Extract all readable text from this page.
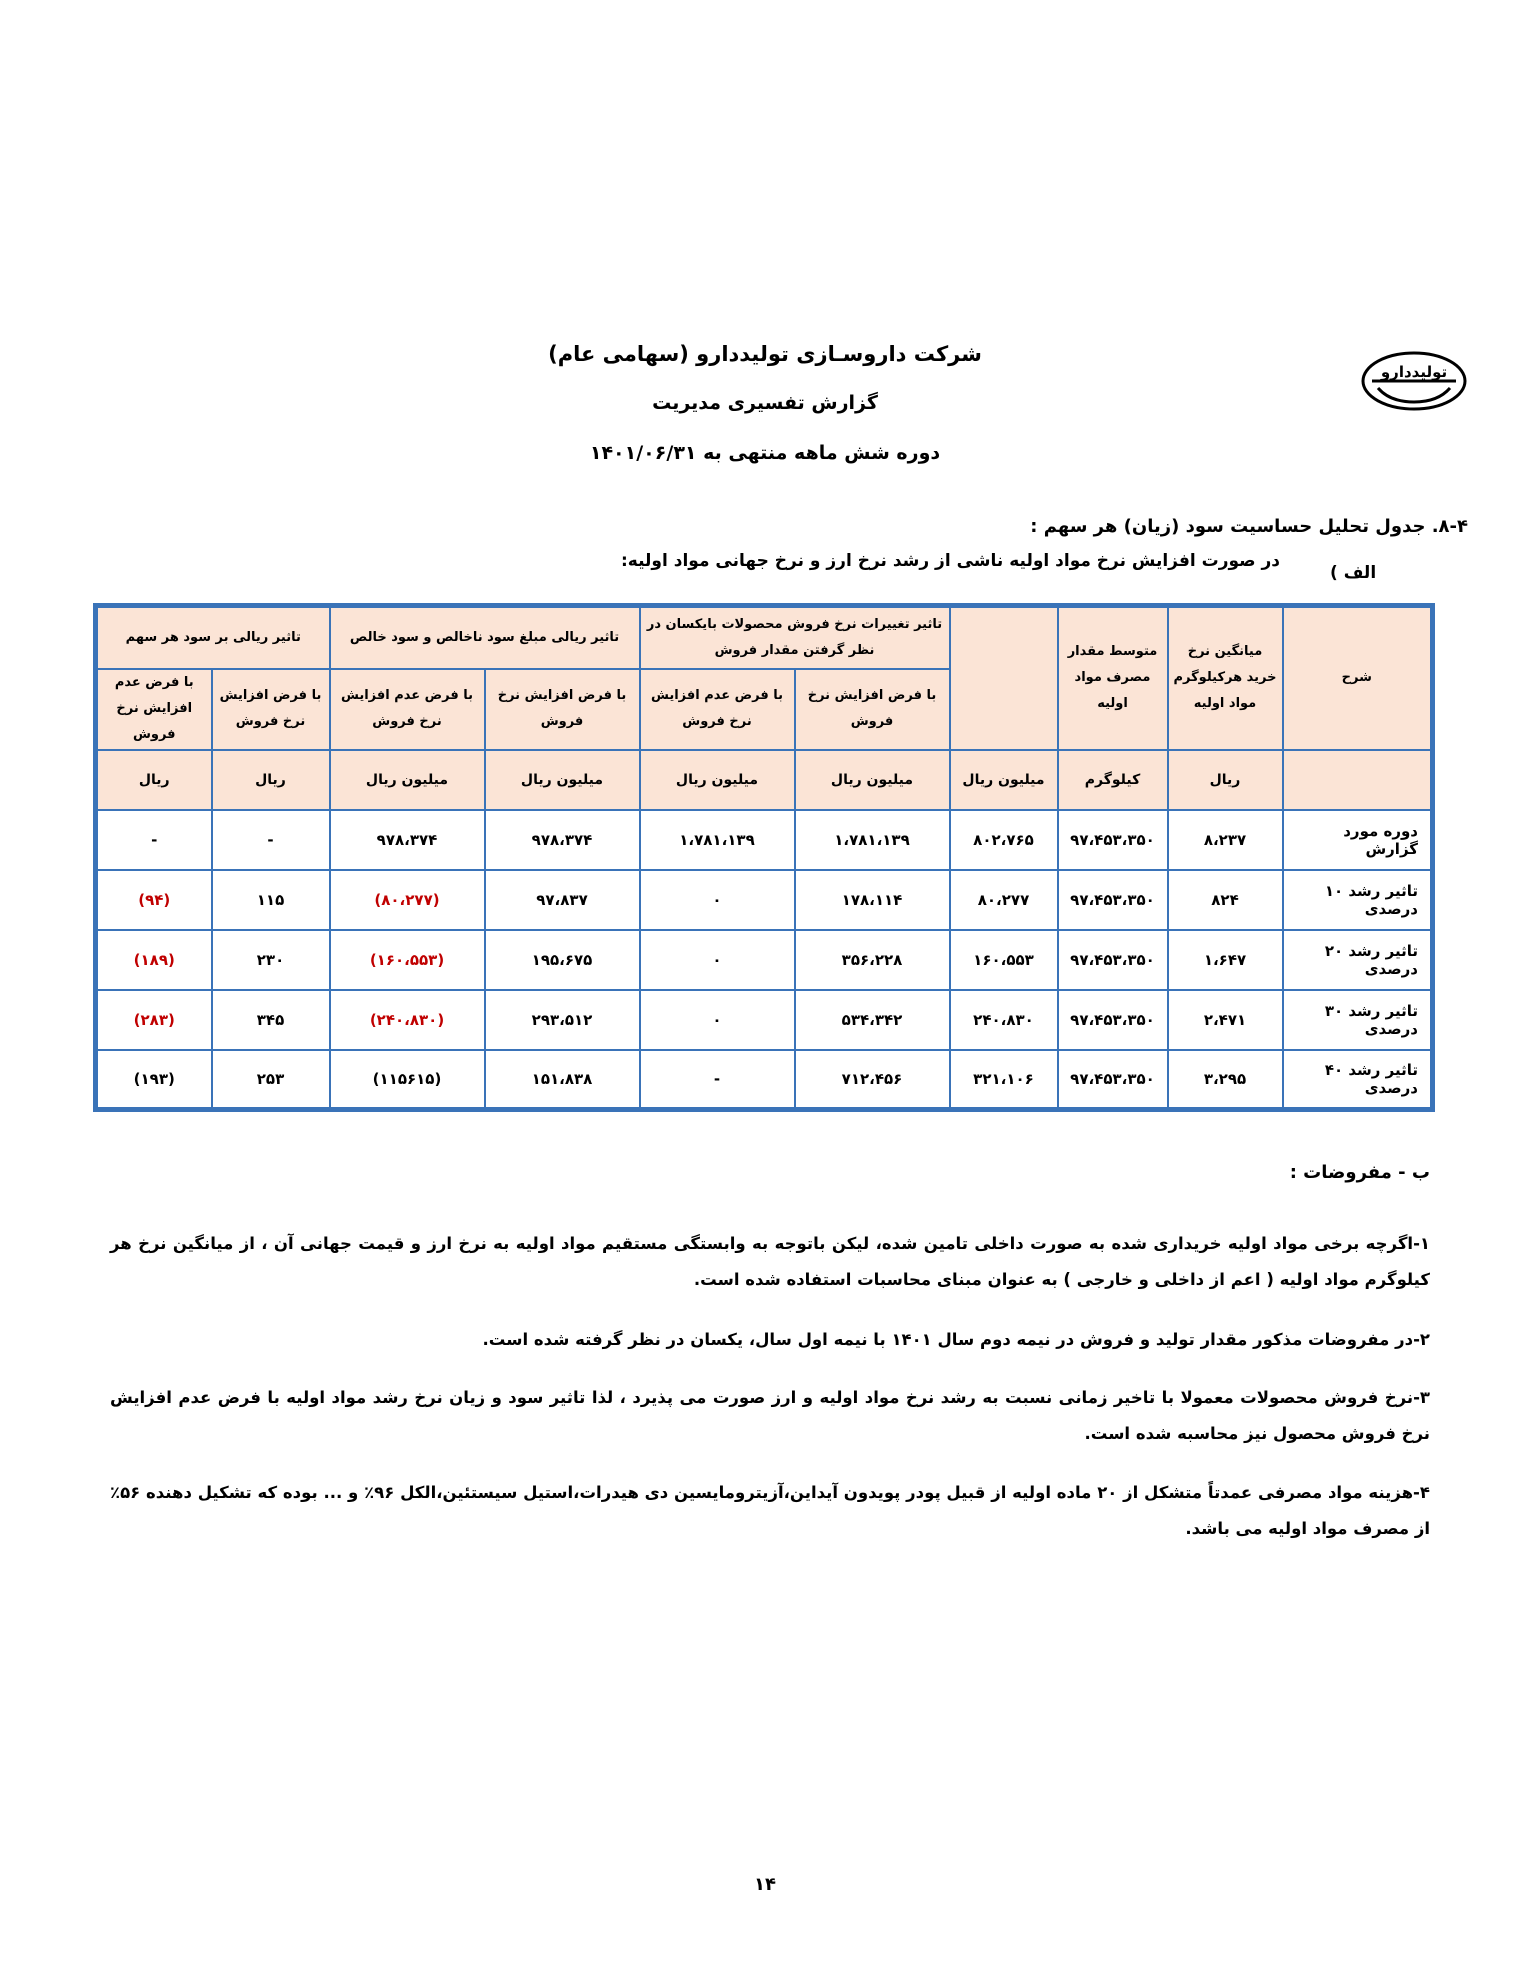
شرکت داروسـازی تولیددارو (سهامی عام)
گزارش تفسیری مدیریت
دوره شش ماهه منتهی به ۱۴۰۱/۰۶/۳۱
تولیددارو
۸-۴. جدول تحلیل حساسیت سود (زیان) هر سهم :
الف )
در صورت افزایش نرخ مواد اولیه ناشی از رشد نرخ ارز و نرخ جهانی مواد اولیه:
شرح	میانگین نرخ خرید هرکیلوگرم مواد اولیه	متوسط مقدار مصرف مواد اولیه		تاثیر تغییرات نرخ فروش محصولات بایکسان در نظر گرفتن مقدار فروش		تاثیر ریالی مبلغ سود ناخالص و سود خالص		تاثیر ریالی بر سود هر سهم	
				با فرض افزایش نرخ فروش	با فرض عدم افزایش نرخ فروش	با فرض افزایش نرخ فروش	با فرض عدم افزایش نرخ فروش	با فرض افزایش نرخ فروش	با فرض عدم افزایش نرخ فروش
	ریال	کیلوگرم	میلیون ریال	میلیون ریال	میلیون ریال	میلیون ریال	میلیون ریال	ریال	ریال
دوره مورد گزارش	۸،۲۳۷	۹۷،۴۵۳،۳۵۰	۸۰۲،۷۶۵	۱،۷۸۱،۱۳۹	۱،۷۸۱،۱۳۹	۹۷۸،۳۷۴	۹۷۸،۳۷۴	-	-
تاثیر رشد ۱۰ درصدی	۸۲۴	۹۷،۴۵۳،۳۵۰	۸۰،۲۷۷	۱۷۸،۱۱۴	۰	۹۷،۸۳۷	(۸۰،۲۷۷)	۱۱۵	(۹۴)
تاثیر رشد ۲۰ درصدی	۱،۶۴۷	۹۷،۴۵۳،۳۵۰	۱۶۰،۵۵۳	۳۵۶،۲۲۸	۰	۱۹۵،۶۷۵	(۱۶۰،۵۵۳)	۲۳۰	(۱۸۹)
تاثیر رشد ۳۰ درصدی	۲،۴۷۱	۹۷،۴۵۳،۳۵۰	۲۴۰،۸۳۰	۵۳۴،۳۴۲	۰	۲۹۳،۵۱۲	(۲۴۰،۸۳۰)	۳۴۵	(۲۸۳)
تاثیر رشد ۴۰ درصدی	۳،۲۹۵	۹۷،۴۵۳،۳۵۰	۳۲۱،۱۰۶	۷۱۲،۴۵۶	-	۱۵۱،۸۳۸	(۱۱۵۶۱۵)	۲۵۳	(۱۹۳)
ب - مفروضات :
۱-اگرچه برخی مواد اولیه خریداری شده به صورت داخلی تامین شده، لیکن باتوجه به وابستگی مستقیم مواد اولیه به نرخ ارز و قیمت جهانی آن ، از میانگین نرخ هر کیلوگرم مواد اولیه ( اعم از داخلی و خارجی ) به عنوان مبنای محاسبات استفاده شده است.
۲-در مفروضات مذکور مقدار تولید و فروش در نیمه دوم سال ۱۴۰۱ با نیمه اول سال، یکسان در نظر گرفته شده است.
۳-نرخ فروش محصولات معمولا با تاخیر زمانی نسبت به رشد نرخ مواد اولیه و ارز صورت می پذیرد ، لذا تاثیر سود و زیان نرخ رشد مواد اولیه با فرض عدم افزایش نرخ فروش محصول نیز محاسبه شده است.
۴-هزینه مواد مصرفی عمدتاً متشکل از ۲۰ ماده اولیه از قبیل پودر پویدون آیداین،آزیترومایسین دی هیدرات،استیل سیستئین،الکل ۹۶٪ و ... بوده که تشکیل دهنده ۵۶٪ از مصرف مواد اولیه می باشد.
۱۴
